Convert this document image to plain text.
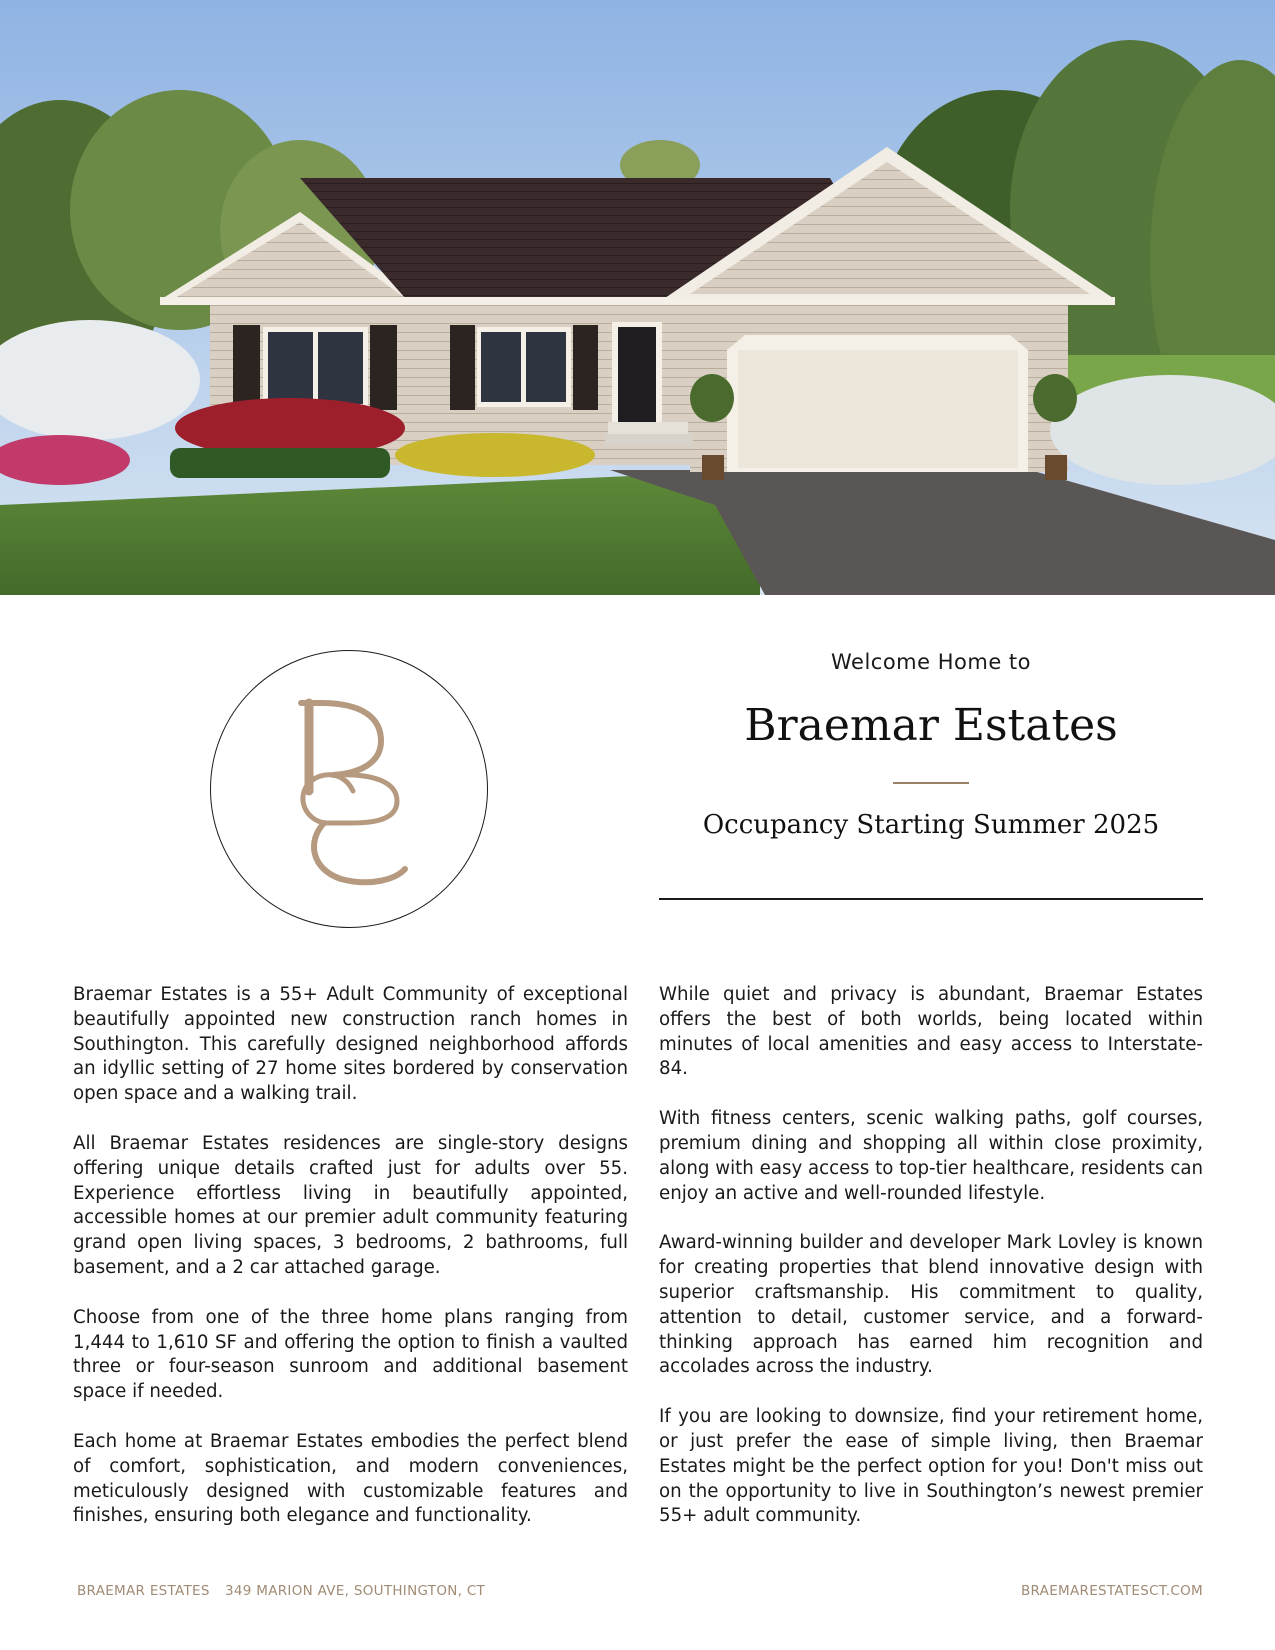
Welcome Home to
Braemar Estates
Occupancy Starting Summer 2025

Braemar Estates is a 55+ Adult Community of exceptional beautifully appointed new construction ranch homes in Southington. This carefully designed neighborhood affords an idyllic setting of 27 home sites bordered by conservation open space and a walking trail.

All Braemar Estates residences are single-story designs offering unique details crafted just for adults over 55. Experience effortless living in beautifully appointed, accessible homes at our premier adult community featuring grand open living spaces, 3 bedrooms, 2 bathrooms, full basement, and a 2 car attached garage.

Choose from one of the three home plans ranging from 1,444 to 1,610 SF and offering the option to finish a vaulted three or four-season sunroom and additional basement space if needed.

Each home at Braemar Estates embodies the perfect blend of comfort, sophistication, and modern conveniences, meticulously designed with customizable features and finishes, ensuring both elegance and functionality.

While quiet and privacy is abundant, Braemar Estates offers the best of both worlds, being located within minutes of local amenities and easy access to Interstate-84.

With fitness centers, scenic walking paths, golf courses, premium dining and shopping all within close proximity, along with easy access to top-tier healthcare, residents can enjoy an active and well-rounded lifestyle.

Award-winning builder and developer Mark Lovley is known for creating properties that blend innovative design with superior craftsmanship. His commitment to quality, attention to detail, customer service, and a forward-thinking approach has earned him recognition and accolades across the industry.

If you are looking to downsize, find your retirement home, or just prefer the ease of simple living, then Braemar Estates might be the perfect option for you! Don't miss out on the opportunity to live in Southington’s newest premier 55+ adult community.

BRAEMAR ESTATES 349 MARION AVE, SOUTHINGTON, CT	BRAEMARESTATESCT.COM
